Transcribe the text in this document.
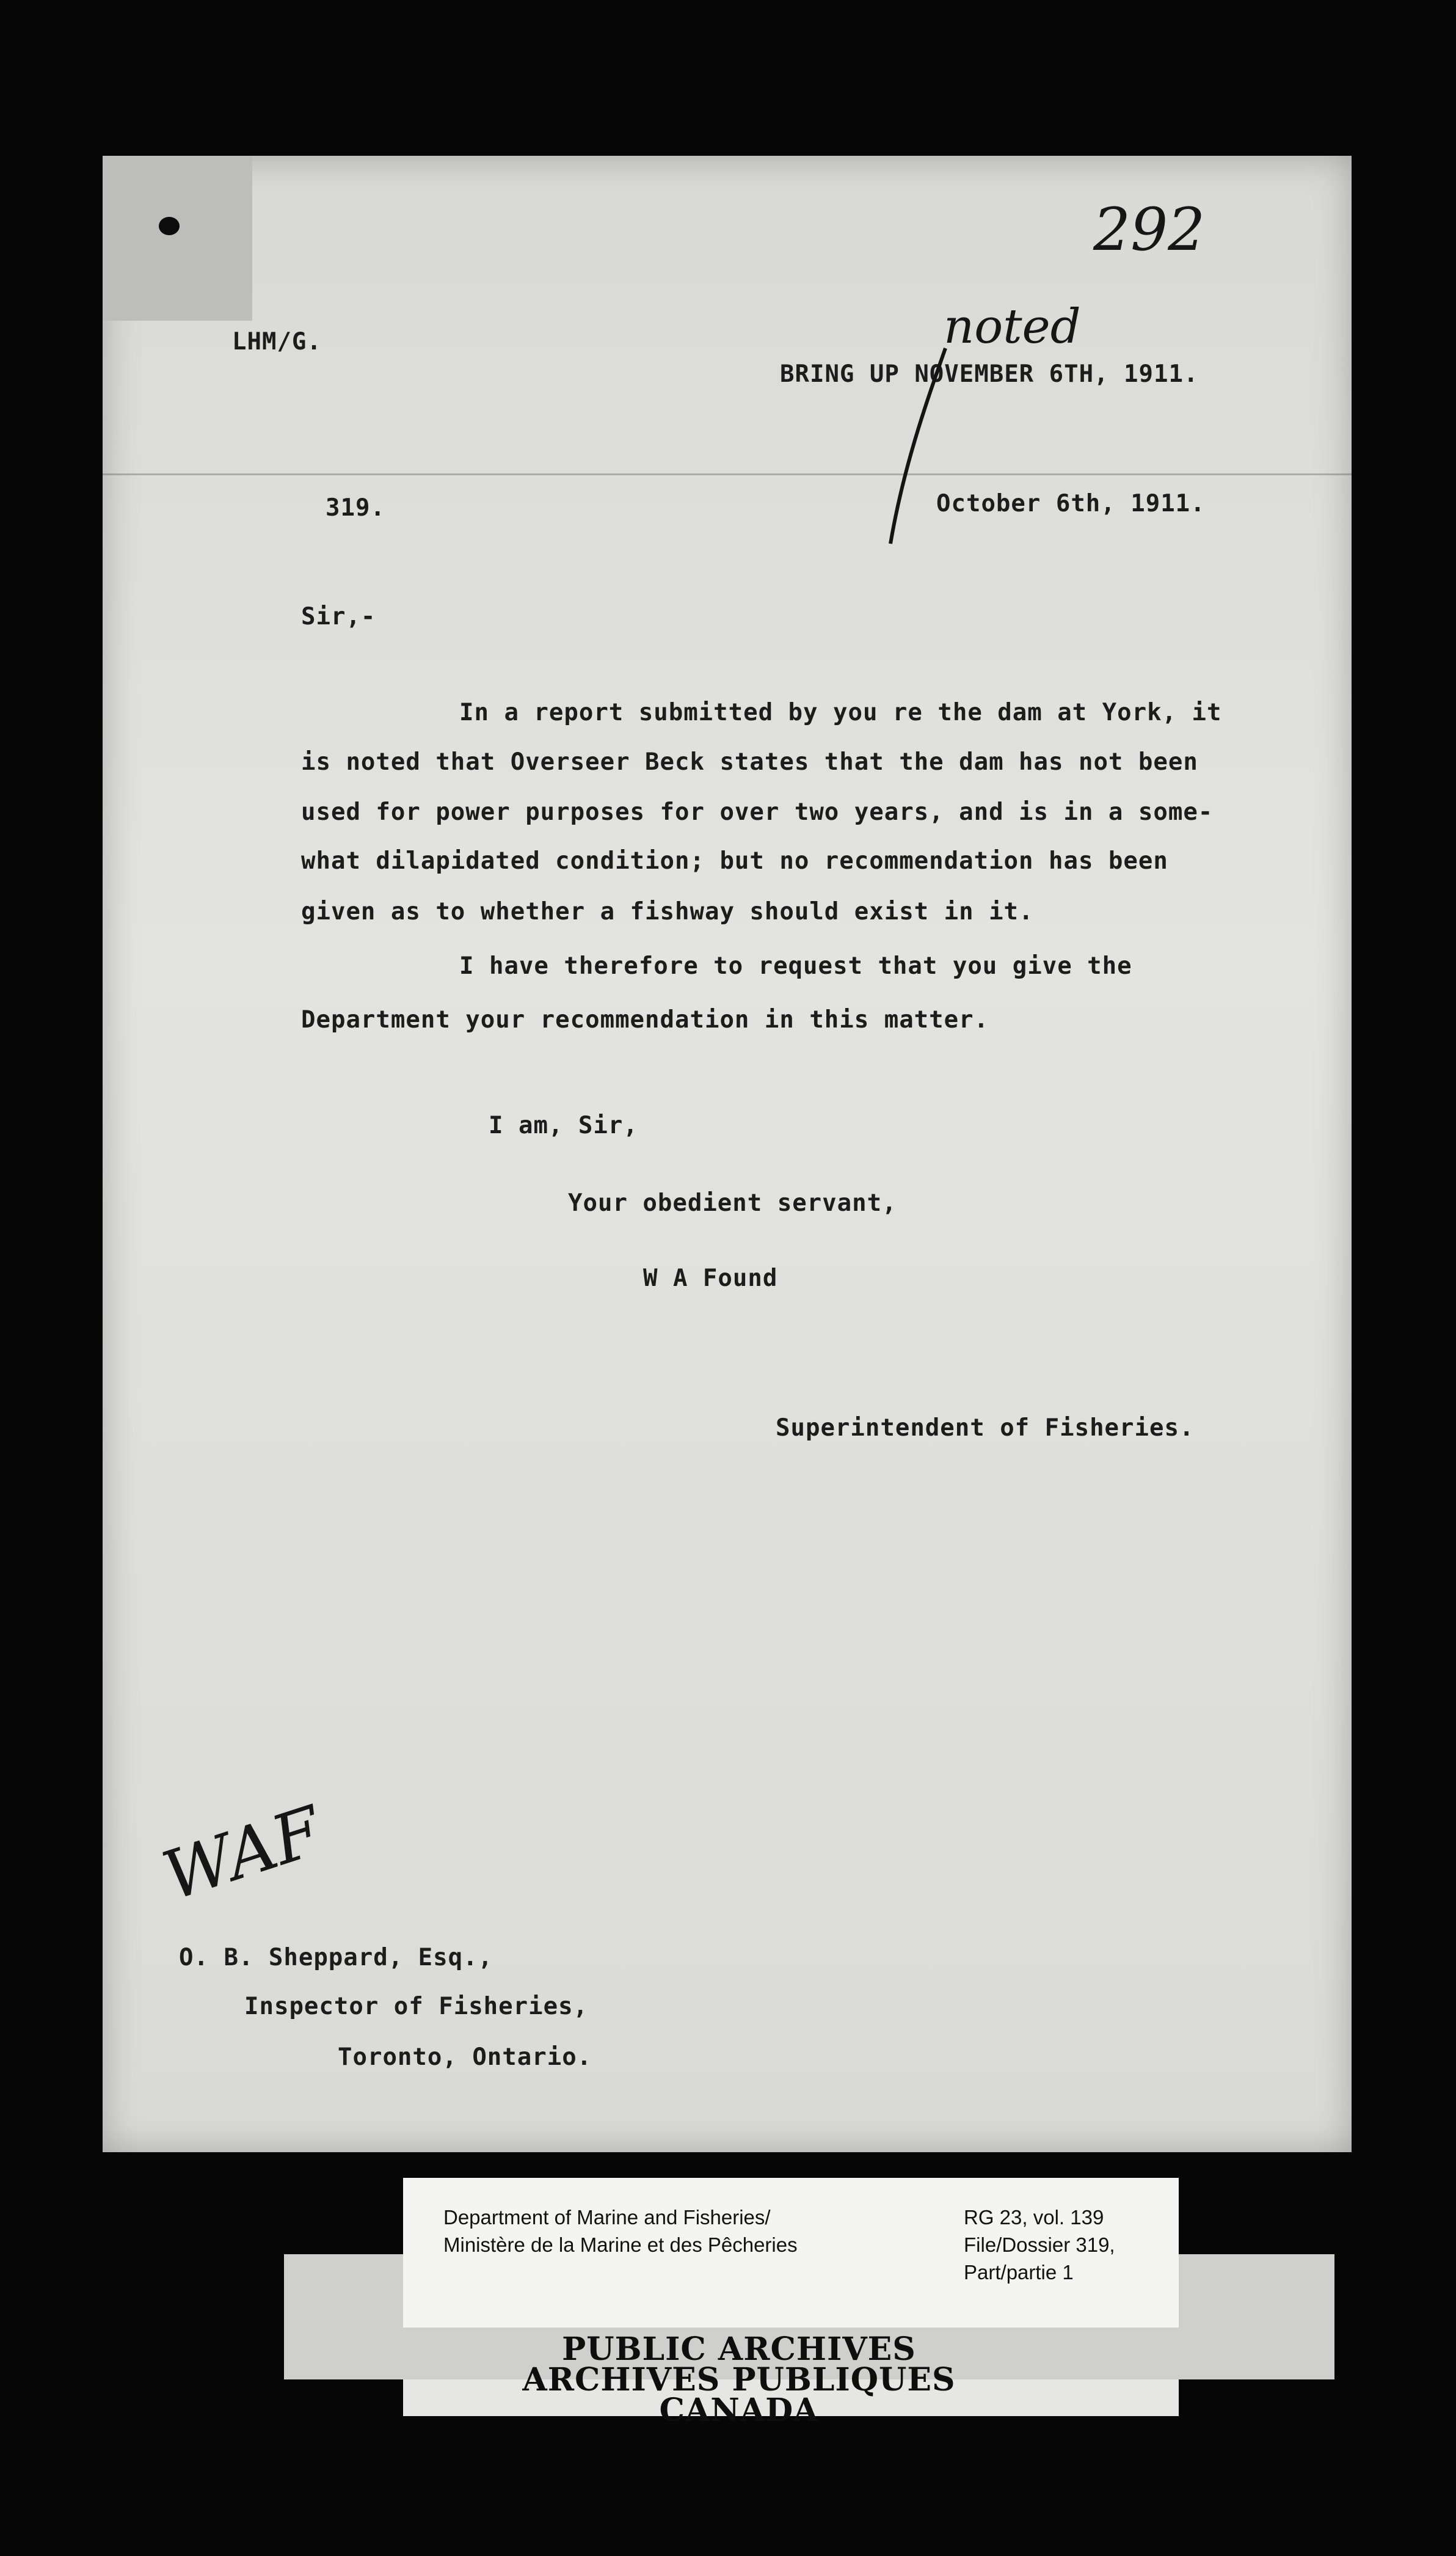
292
LHM/G.
BRING UP NOVEMBER 6TH, 1911.
noted
319.	October 6th, 1911.
Sir,-
In a report submitted by you re the dam at York, it
is noted that Overseer Beck states that the dam has not been
used for power purposes for over two years, and is in a some-
what dilapidated condition; but no recommendation has been
given as to whether a fishway should exist in it.
I have therefore to request that you give the
Department your recommendation in this matter.
I am, Sir,
Your obedient servant,
W A Found
Superintendent of Fisheries.
WAF
O. B. Sheppard, Esq.,
Inspector of Fisheries,
Toronto, Ontario.
Department of Marine and Fisheries/
Ministère de la Marine et des Pêcheries
RG 23, vol. 139
File/Dossier 319,
Part/partie 1
PUBLIC ARCHIVES
ARCHIVES PUBLIQUES
CANADA
